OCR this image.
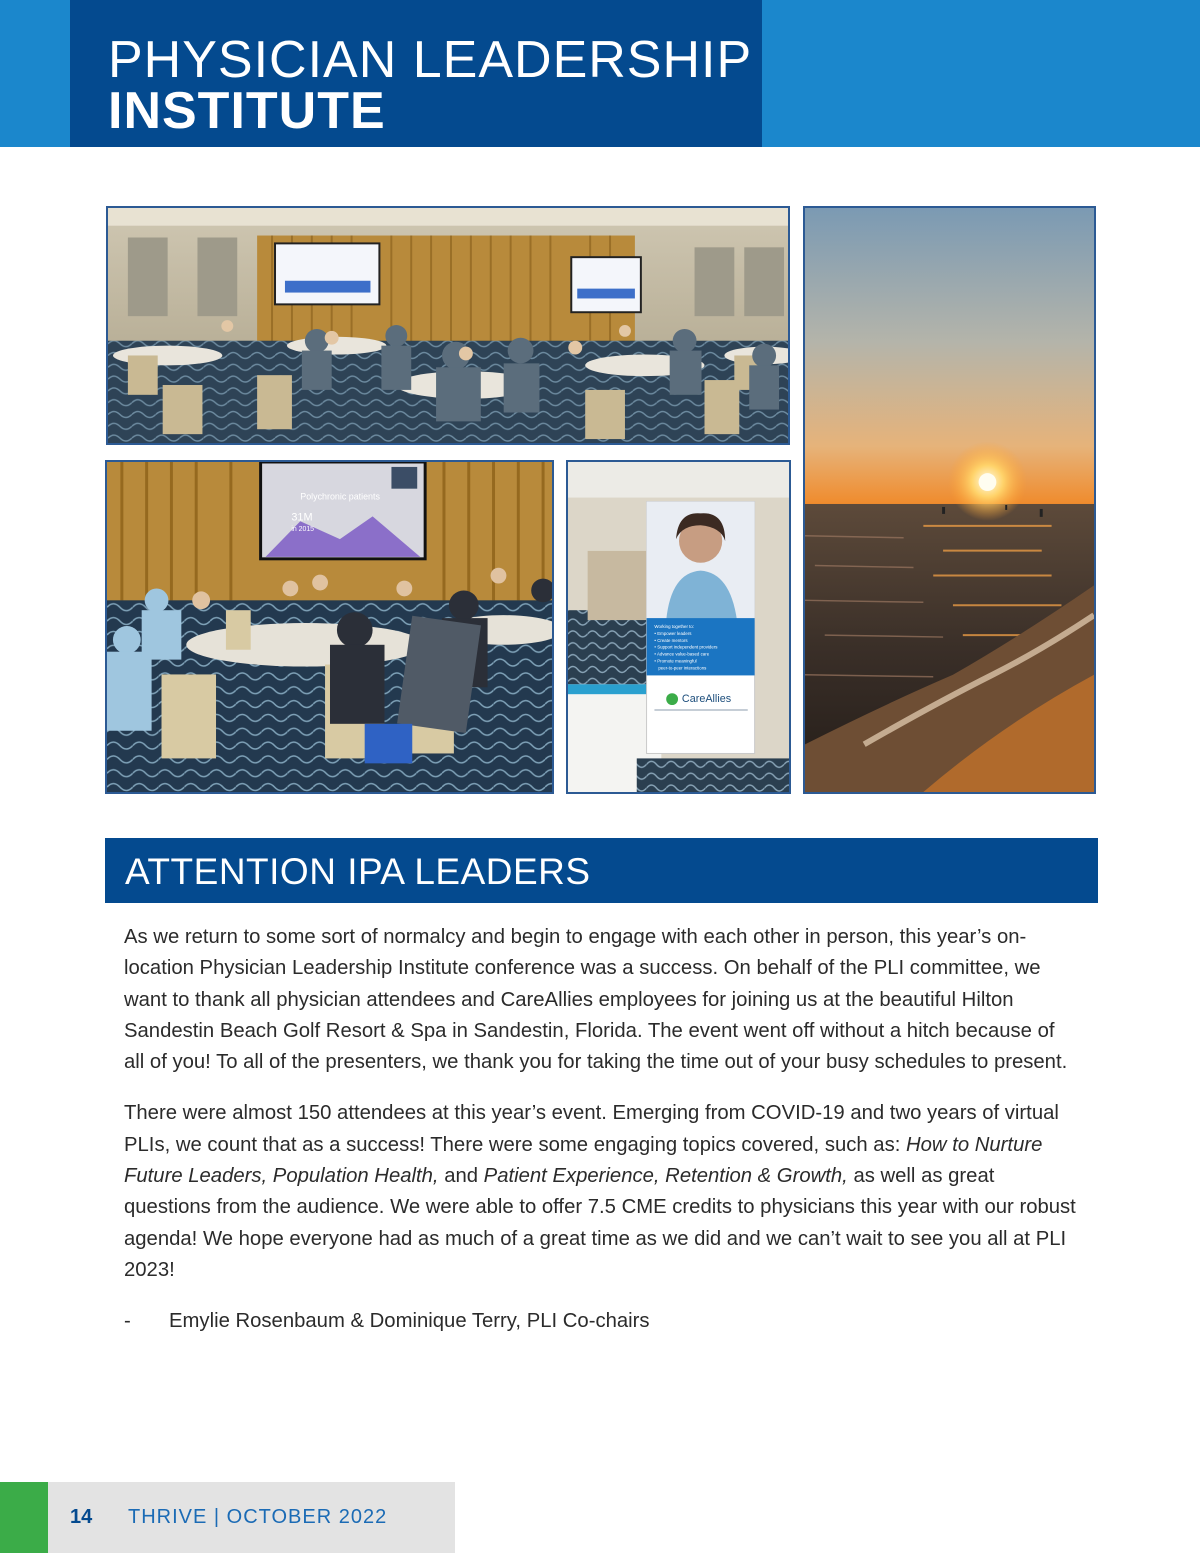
PHYSICIAN LEADERSHIP
INSTITUTE
Polychronic patients
31M
in 2015
Working together to:
• Empower leaders
• Create mentors
• Support independent providers
• Advance value-based care
• Promote meaningful
peer-to-peer interactions
CareAllies
ATTENTION IPA LEADERS

As we return to some sort of normalcy and begin to engage with each other in person, this year’s on-location Physician Leadership Institute conference was a success. On behalf of the PLI committee, we want to thank all physician attendees and CareAllies employees for joining us at the beautiful Hilton Sandestin Beach Golf Resort & Spa in Sandestin, Florida. The event went off without a hitch because of all of you! To all of the presenters, we thank you for taking the time out of your busy schedules to present.

There were almost 150 attendees at this year’s event. Emerging from COVID-19 and two years of virtual PLIs, we count that as a success! There were some engaging topics covered, such as: How to Nurture Future Leaders, Population Health, and Patient Experience, Retention & Growth, as well as great questions from the audience. We were able to offer 7.5 CME credits to physicians this year with our robust agenda! We hope everyone had as much of a great time as we did and we can’t wait to see you all at PLI 2023!

-	Emylie Rosenbaum & Dominique Terry, PLI Co-chairs
14 THRIVE | OCTOBER 2022
